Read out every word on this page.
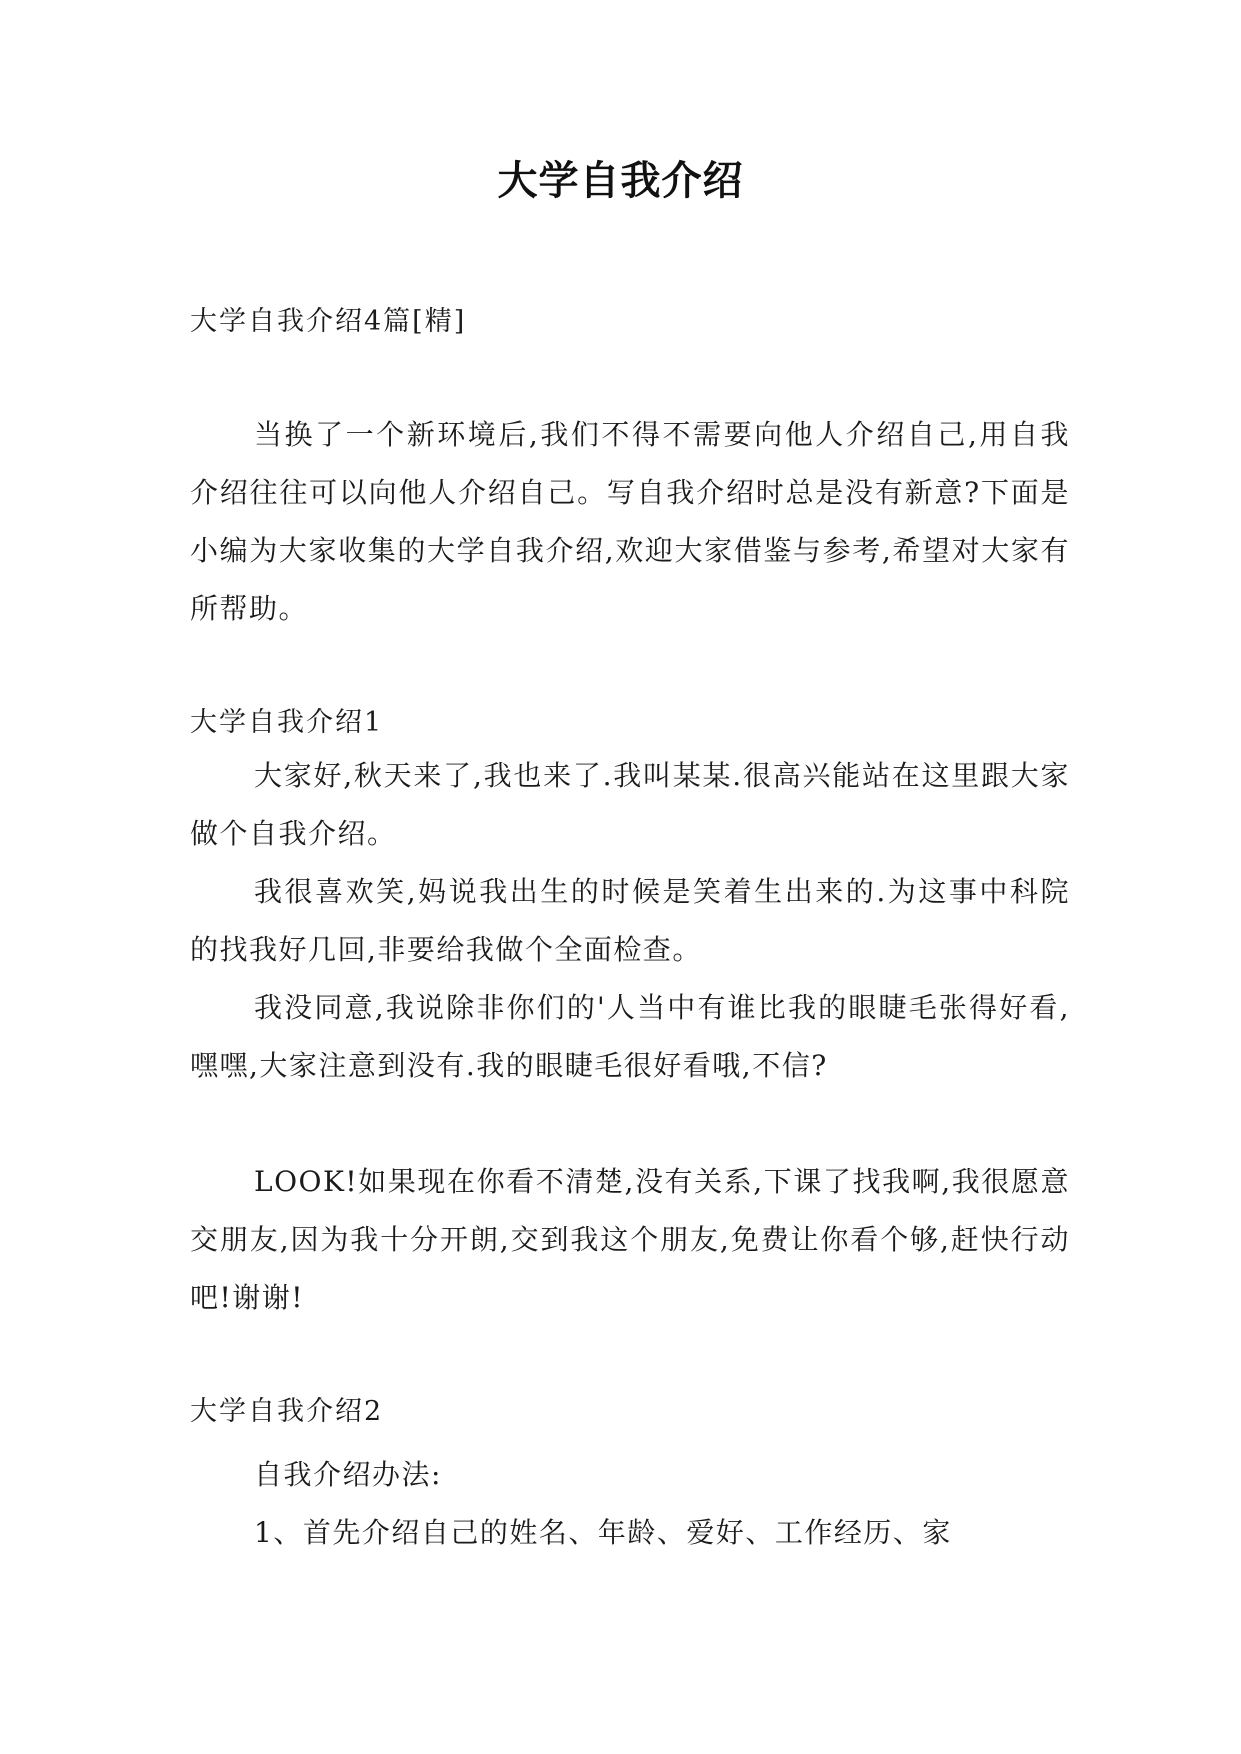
大学自我介绍

大学自我介绍4篇[精]

当换了一个新环境后,我们不得不需要向他人介绍自己,用自我介绍往往可以向他人介绍自己。写自我介绍时总是没有新意?下面是小编为大家收集的大学自我介绍,欢迎大家借鉴与参考,希望对大家有所帮助。

大学自我介绍1

大家好,秋天来了,我也来了.我叫某某.很高兴能站在这里跟大家做个自我介绍。

我很喜欢笑,妈说我出生的时候是笑着生出来的.为这事中科院的找我好几回,非要给我做个全面检查。

我没同意,我说除非你们的'人当中有谁比我的眼睫毛张得好看,嘿嘿,大家注意到没有.我的眼睫毛很好看哦,不信?

LOOK!如果现在你看不清楚,没有关系,下课了找我啊,我很愿意交朋友,因为我十分开朗,交到我这个朋友,免费让你看个够,赶快行动吧!谢谢!

大学自我介绍2

自我介绍办法:

1、首先介绍自己的姓名、年龄、爱好、工作经历、家
